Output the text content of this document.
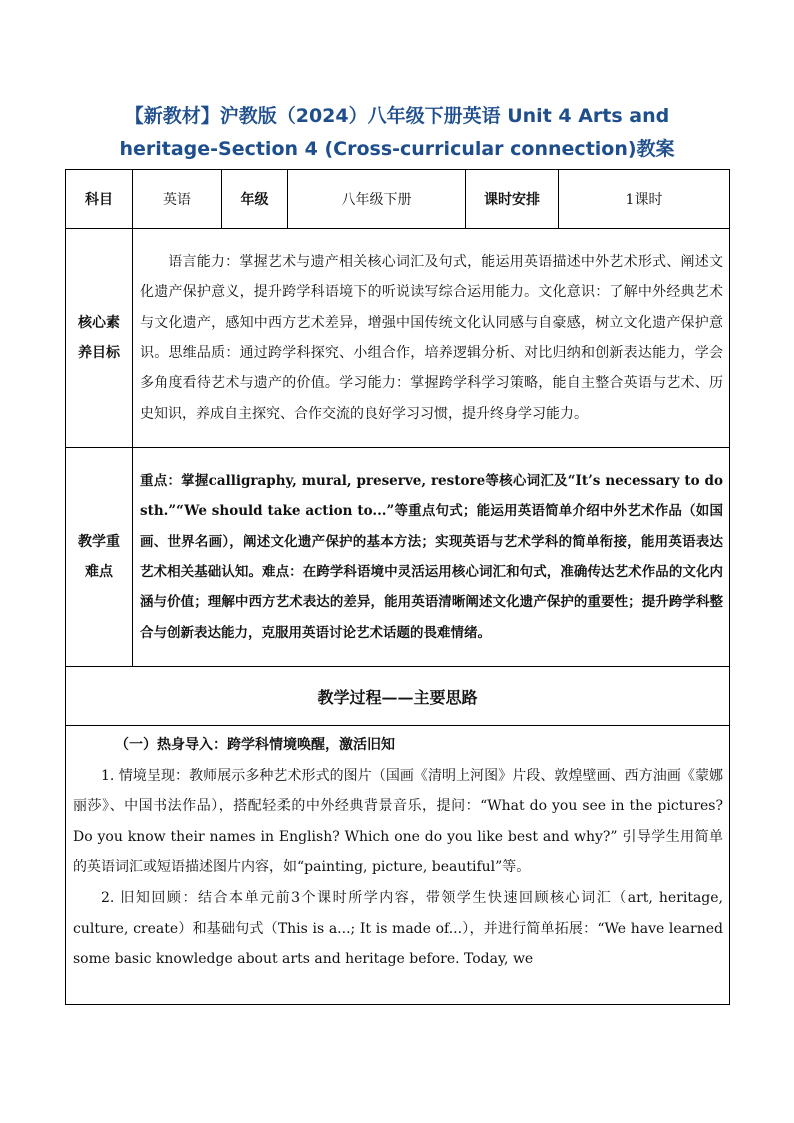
【新教材】沪教版（2024）八年级下册英语 Unit 4 Arts and
heritage-Section 4 (Cross-curricular connection)教案
科目	英语	年级	八年级下册	课时安排	1课时
核心素养目标	语言能力：掌握艺术与遗产相关核心词汇及句式，能运用英语描述中外艺术形式、阐述文化遗产保护意义，提升跨学科语境下的听说读写综合运用能力。文化意识：了解中外经典艺术与文化遗产，感知中西方艺术差异，增强中国传统文化认同感与自豪感，树立文化遗产保护意识。思维品质：通过跨学科探究、小组合作，培养逻辑分析、对比归纳和创新表达能力，学会多角度看待艺术与遗产的价值。学习能力：掌握跨学科学习策略，能自主整合英语与艺术、历史知识，养成自主探究、合作交流的良好学习习惯，提升终身学习能力。				
教学重难点	重点：掌握calligraphy, mural, preserve, restore等核心词汇及“It’s necessary to do sth.”“We should take action to...”等重点句式；能运用英语简单介绍中外艺术作品（如国画、世界名画），阐述文化遗产保护的基本方法；实现英语与艺术学科的简单衔接，能用英语表达艺术相关基础认知。难点：在跨学科语境中灵活运用核心词汇和句式，准确传达艺术作品的文化内涵与价值；理解中西方艺术表达的差异，能用英语清晰阐述文化遗产保护的重要性；提升跨学科整合与创新表达能力，克服用英语讨论艺术话题的畏难情绪。				
教学过程——主要思路					

（一）热身导入：跨学科情境唤醒，激活旧知
1. 情境呈现：教师展示多种艺术形式的图片（国画《清明上河图》片段、敦煌壁画、西方油画《蒙娜丽莎》、中国书法作品），搭配轻柔的中外经典背景音乐，提问：“What do you see in the pictures? Do you know their names in English? Which one do you like best and why?” 引导学生用简单的英语词汇或短语描述图片内容，如“painting, picture, beautiful”等。
2. 旧知回顾：结合本单元前3个课时所学内容，带领学生快速回顾核心词汇（art, heritage, culture, create）和基础句式（This is a...; It is made of...），并进行简单拓展：“We have learned some basic knowledge about arts and heritage before. Today, we					
